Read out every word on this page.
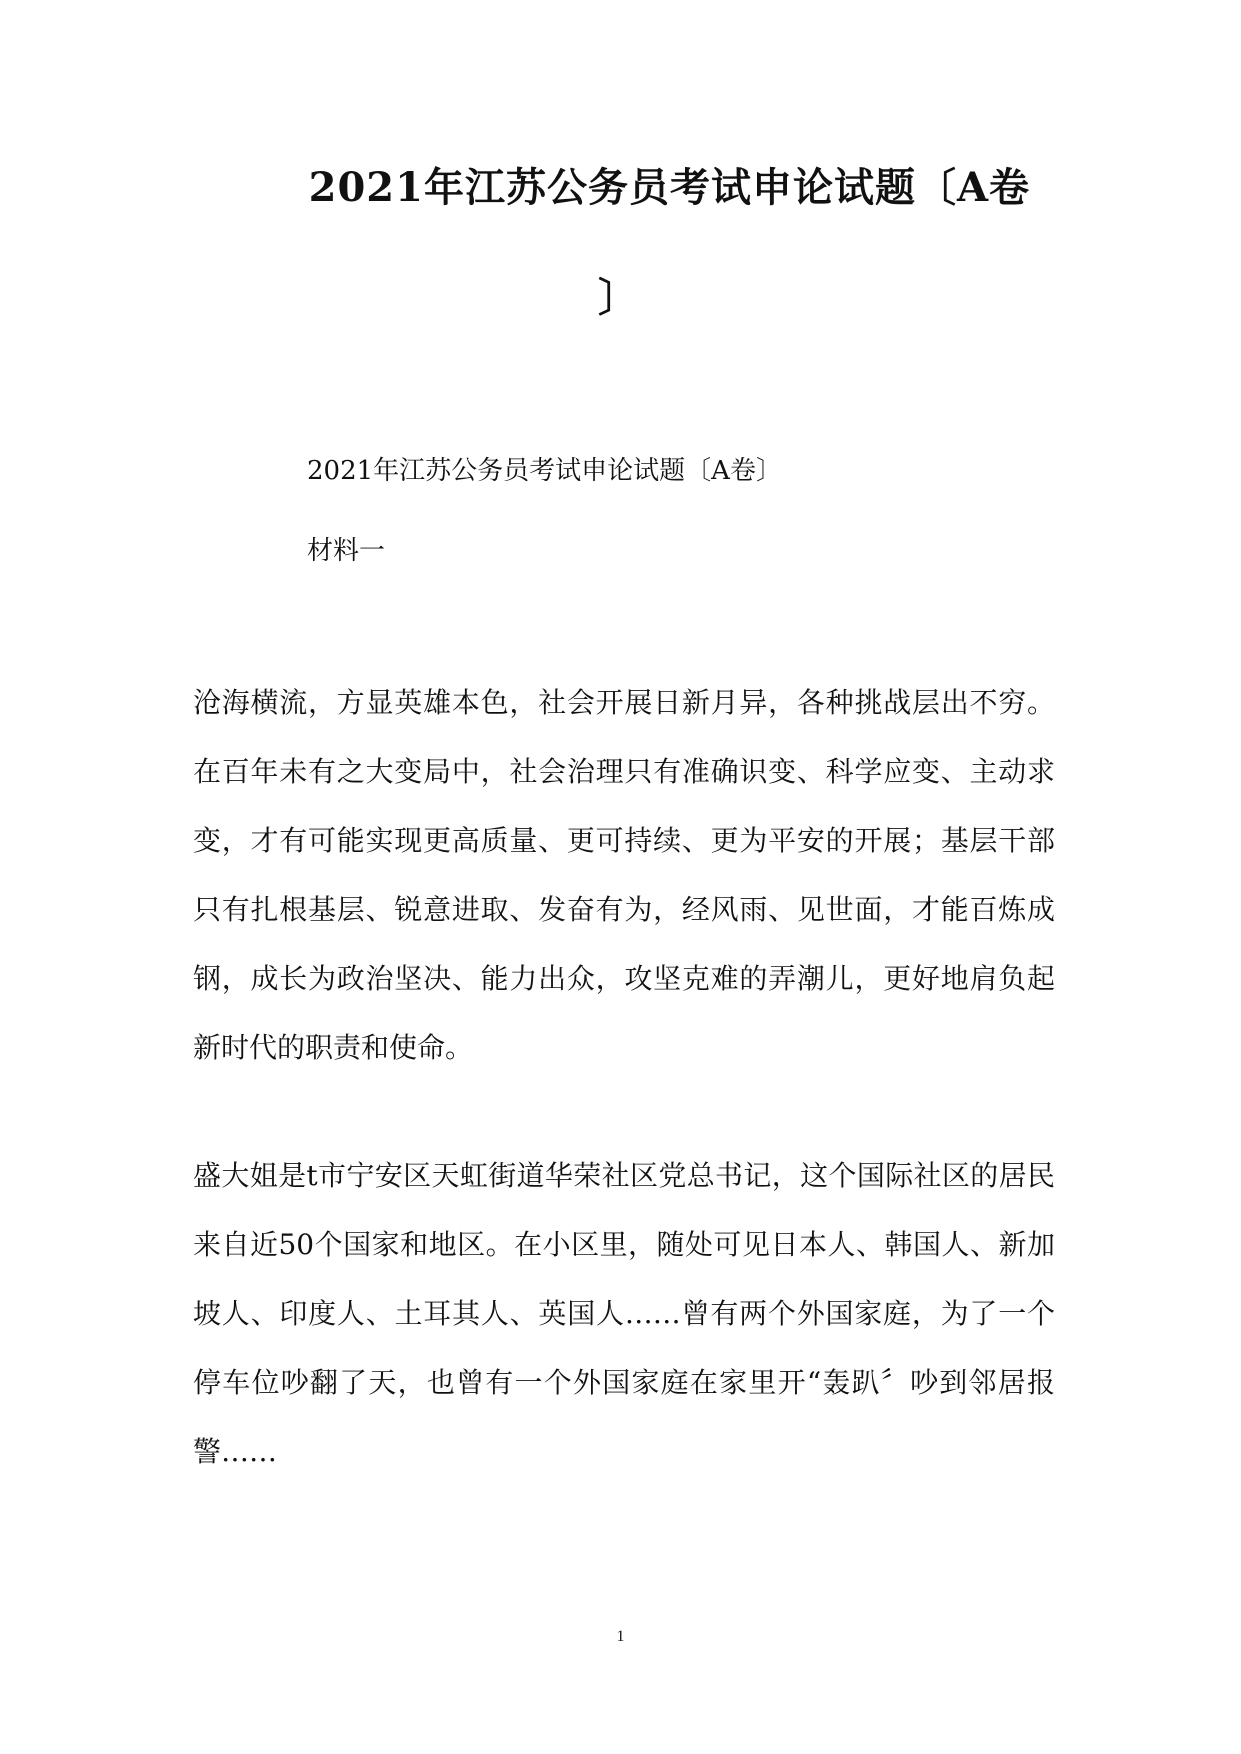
2021年江苏公务员考试申论试题〔A卷
〕
2021年江苏公务员考试申论试题〔A卷〕
材料一

沧海横流，方显英雄本色，社会开展日新月异，各种挑战层出不穷。在百年未有之大变局中，社会治理只有准确识变、科学应变、主动求变，才有可能实现更高质量、更可持续、更为平安的开展；基层干部只有扎根基层、锐意进取、发奋有为，经风雨、见世面，才能百炼成钢，成长为政治坚决、能力出众，攻坚克难的弄潮儿，更好地肩负起新时代的职责和使命。

盛大姐是t市宁安区天虹街道华荣社区党总书记，这个国际社区的居民来自近50个国家和地区。在小区里，随处可见日本人、韩国人、新加坡人、印度人、土耳其人、英国人……曾有两个外国家庭，为了一个停车位吵翻了天，也曾有一个外国家庭在家里开“轰趴〞吵到邻居报警……

1
